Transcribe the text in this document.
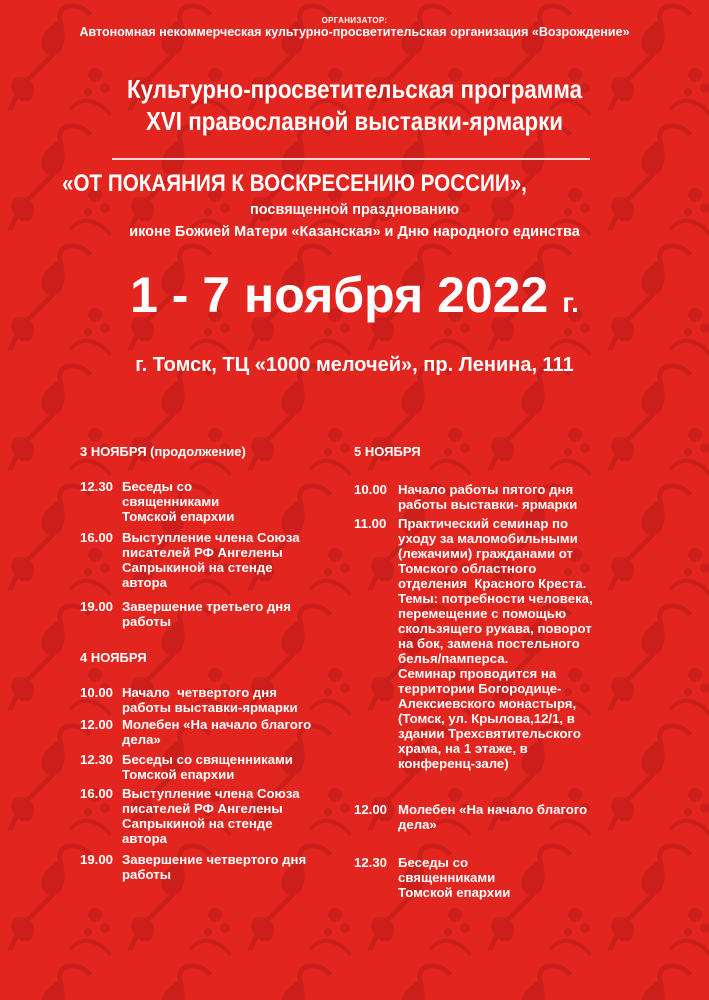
ОРГАНИЗАТОР:
Автономная некоммерческая культурно-просветительская организация «Возрождение»
Культурно-просветительская программа
XVI православной выставки-ярмарки
«ОТ ПОКАЯНИЯ К ВОСКРЕСЕНИЮ РОССИИ»,
посвященной празднованию
иконе Божией Матери «Казанская» и Дню народного единства
1 - 7 ноября 2022 г.
г. Томск, ТЦ «1000 мелочей», пр. Ленина, 111
3 НОЯБРЯ (продолжение)
12.30 Беседы со
священниками
Томской епархии
16.00 Выступление члена Союза
писателей РФ Ангелены
Сапрыкиной на стенде
автора
19.00 Завершение третьего дня
работы
4 НОЯБРЯ
10.00 Начало  четвертого дня
работы выставки-ярмарки
12.00 Молебен «На начало благого
дела»
12.30 Беседы со священниками
Томской епархии
16.00 Выступление члена Союза
писателей РФ Ангелены
Сапрыкиной на стенде
автора
19.00 Завершение четвертого дня
работы
5 НОЯБРЯ
10.00 Начало работы пятого дня
работы выставки- ярмарки
11.00 Практический семинар по
уходу за маломобильными
(лежачими) гражданами от
Томского областного
отделения  Красного Креста.
Темы: потребности человека,
перемещение с помощью
скользящего рукава, поворот
на бок, замена постельного
белья/памперса.
Семинар проводится на
территории Богородице-
Алексиевского монастыря,
(Томск, ул. Крылова,12/1, в
здании Трехсвятительского
храма, на 1 этаже, в
конференц-зале)
12.00 Молебен «На начало благого
дела»
12.30 Беседы со
священниками
Томской епархии
